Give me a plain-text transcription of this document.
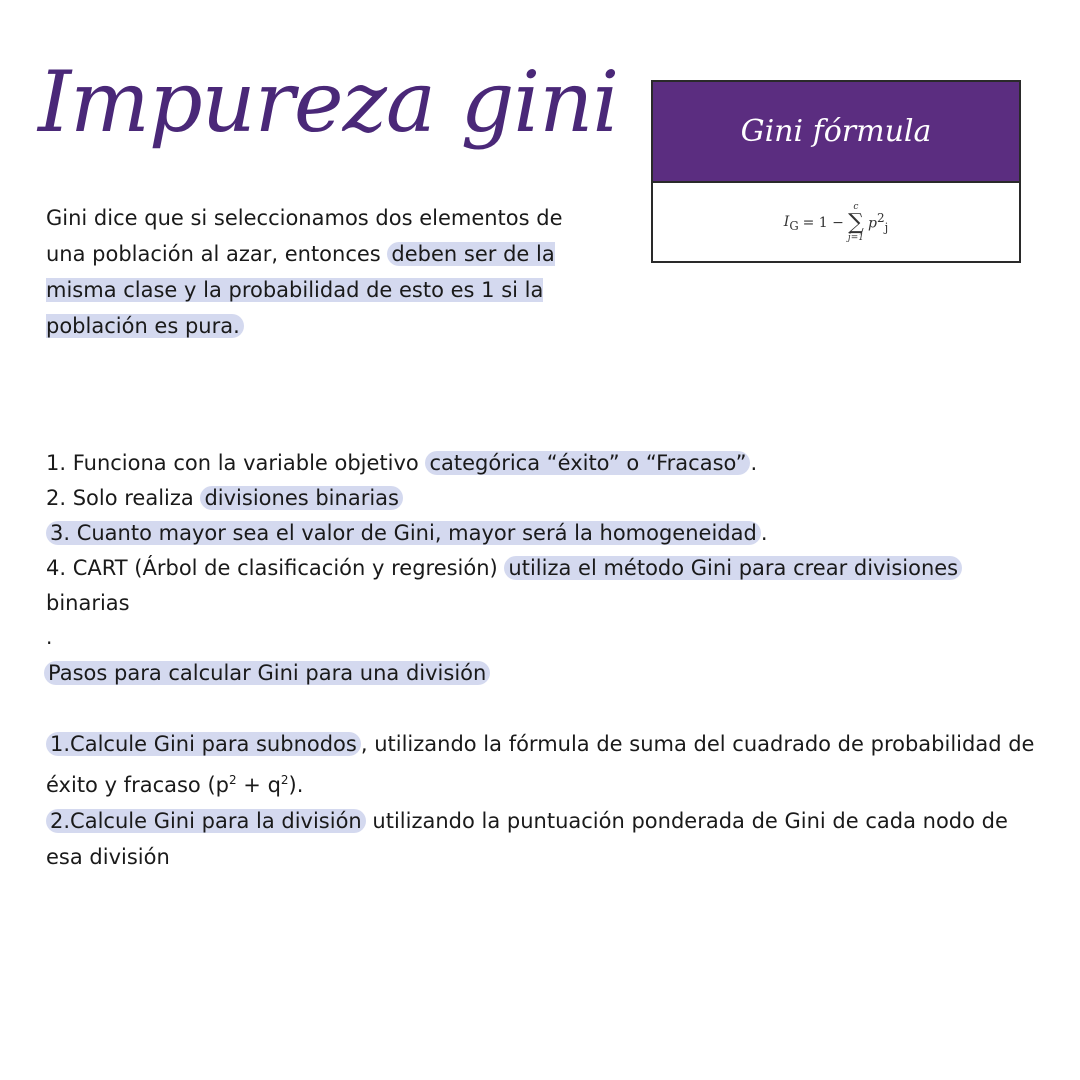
Impureza gini	Gini fórmula
$I_G = 1$ −
c
∑
j=1
$p^2_j$
Gini dice que si seleccionamos dos elementos de una población al azar, entonces deben ser de la misma clase y la probabilidad de esto es 1 si la población es pura.

1. Funciona con la variable objetivo categórica “éxito” o “Fracaso” .

2. Solo realiza divisiones binarias

3. Cuanto mayor sea el valor de Gini, mayor será la homogeneidad .

4. CART (Árbol de clasificación y regresión) utiliza el método Gini para crear divisiones binarias

.
Pasos para calcular Gini para una división

1.Calcule Gini para subnodos , utilizando la fórmula de suma del cuadrado de probabilidad de éxito y fracaso $(p^2 + q^2)$.

2.Calcule Gini para la división utilizando la puntuación ponderada de Gini de cada nodo de esa división
